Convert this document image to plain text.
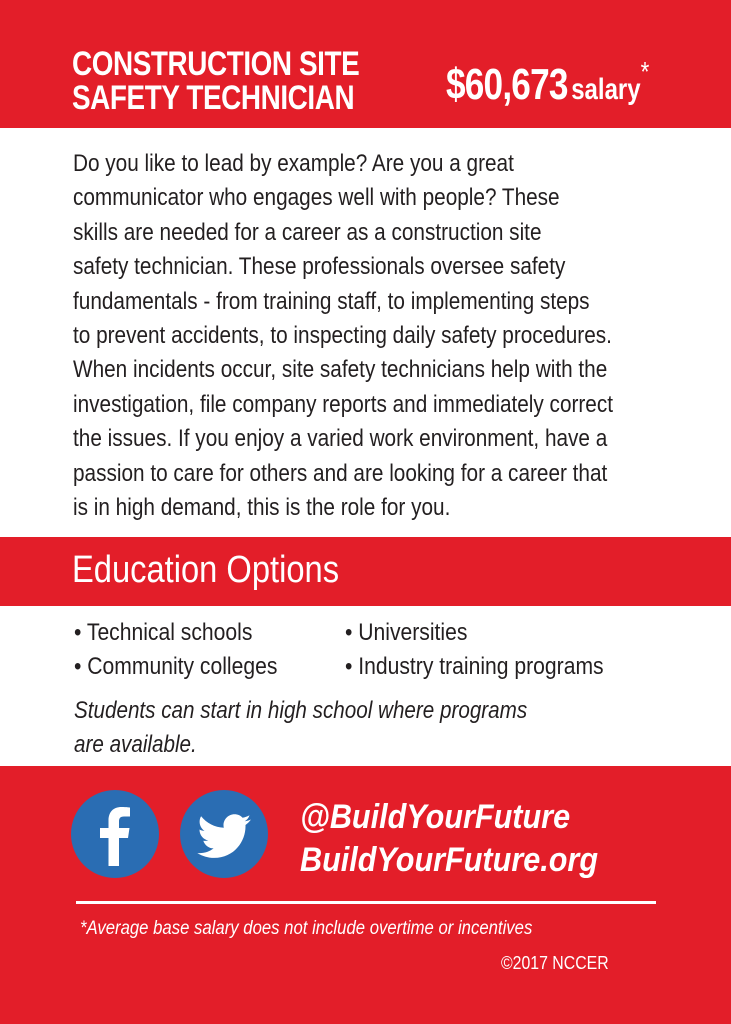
CONSTRUCTION SITE
SAFETY TECHNICIAN $60,673 salary*
Do you like to lead by example? Are you a great
communicator who engages well with people? These
skills are needed for a career as a construction site
safety technician. These professionals oversee safety
fundamentals - from training staff, to implementing steps
to prevent accidents, to inspecting daily safety procedures.
When incidents occur, site safety technicians help with the
investigation, file company reports and immediately correct
the issues. If you enjoy a varied work environment, have a
passion to care for others and are looking for a career that
is in high demand, this is the role for you.
Education Options
• Technical schools	• Universities
• Community colleges	• Industry training programs
Students can start in high school where programs
are available.
@BuildYourFuture
BuildYourFuture.org
*Average base salary does not include overtime or incentives
©2017 NCCER
